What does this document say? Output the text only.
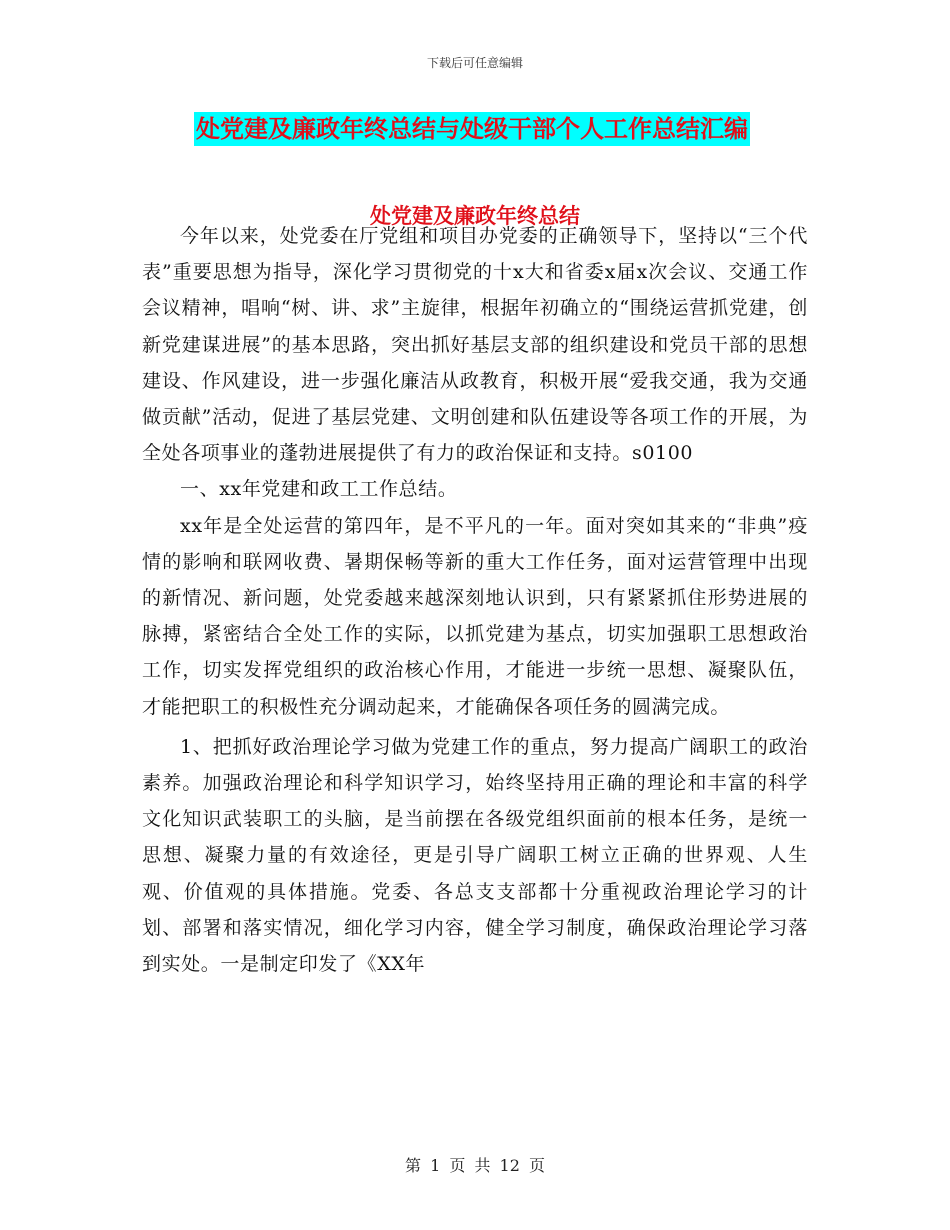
下载后可任意编辑
处党建及廉政年终总结与处级干部个人工作总结汇编
处党建及廉政年终总结

今年以来，处党委在厅党组和项目办党委的正确领导下，坚持以“三个代表”重要思想为指导，深化学习贯彻党的十x大和省委x届x次会议、交通工作会议精神，唱响“树、讲、求”主旋律，根据年初确立的“围绕运营抓党建，创新党建谋进展”的基本思路，突出抓好基层支部的组织建设和党员干部的思想建设、作风建设，进一步强化廉洁从政教育，积极开展“爱我交通，我为交通做贡献”活动，促进了基层党建、文明创建和队伍建设等各项工作的开展，为全处各项事业的蓬勃进展提供了有力的政治保证和支持。s0100

一、xx年党建和政工工作总结。

xx年是全处运营的第四年，是不平凡的一年。面对突如其来的“非典”疫情的影响和联网收费、暑期保畅等新的重大工作任务，面对运营管理中出现的新情况、新问题，处党委越来越深刻地认识到，只有紧紧抓住形势进展的脉搏，紧密结合全处工作的实际，以抓党建为基点，切实加强职工思想政治工作，切实发挥党组织的政治核心作用，才能进一步统一思想、凝聚队伍，才能把职工的积极性充分调动起来，才能确保各项任务的圆满完成。

1、把抓好政治理论学习做为党建工作的重点，努力提高广阔职工的政治素养。加强政治理论和科学知识学习，始终坚持用正确的理论和丰富的科学文化知识武装职工的头脑，是当前摆在各级党组织面前的根本任务，是统一思想、凝聚力量的有效途径，更是引导广阔职工树立正确的世界观、人生观、价值观的具体措施。党委、各总支支部都十分重视政治理论学习的计划、部署和落实情况，细化学习内容，健全学习制度，确保政治理论学习落到实处。一是制定印发了《XX年

第 1 页 共 12 页
